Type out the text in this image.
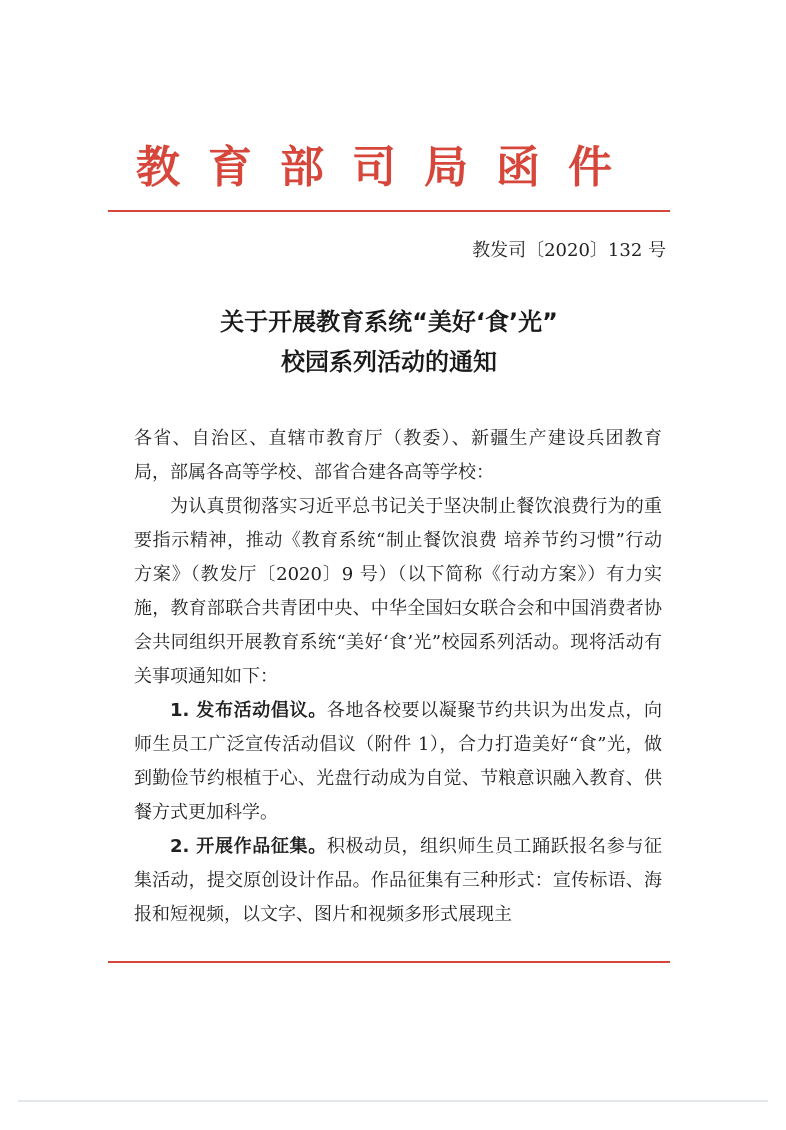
教育部司局函件
教发司〔2020〕132 号
关于开展教育系统“美好‘食’光”
校园系列活动的通知

各省、自治区、直辖市教育厅（教委）、新疆生产建设兵团教育局，部属各高等学校、部省合建各高等学校：

为认真贯彻落实习近平总书记关于坚决制止餐饮浪费行为的重要指示精神，推动《教育系统“制止餐饮浪费 培养节约习惯”行动方案》（教发厅〔2020〕9 号）（以下简称《行动方案》）有力实施，教育部联合共青团中央、中华全国妇女联合会和中国消费者协会共同组织开展教育系统“美好‘食’光”校园系列活动。现将活动有关事项通知如下：

1. 发布活动倡议。各地各校要以凝聚节约共识为出发点，向师生员工广泛宣传活动倡议（附件 1），合力打造美好“食”光，做到勤俭节约根植于心、光盘行动成为自觉、节粮意识融入教育、供餐方式更加科学。

2. 开展作品征集。积极动员，组织师生员工踊跃报名参与征集活动，提交原创设计作品。作品征集有三种形式：宣传标语、海报和短视频，以文字、图片和视频多形式展现主
